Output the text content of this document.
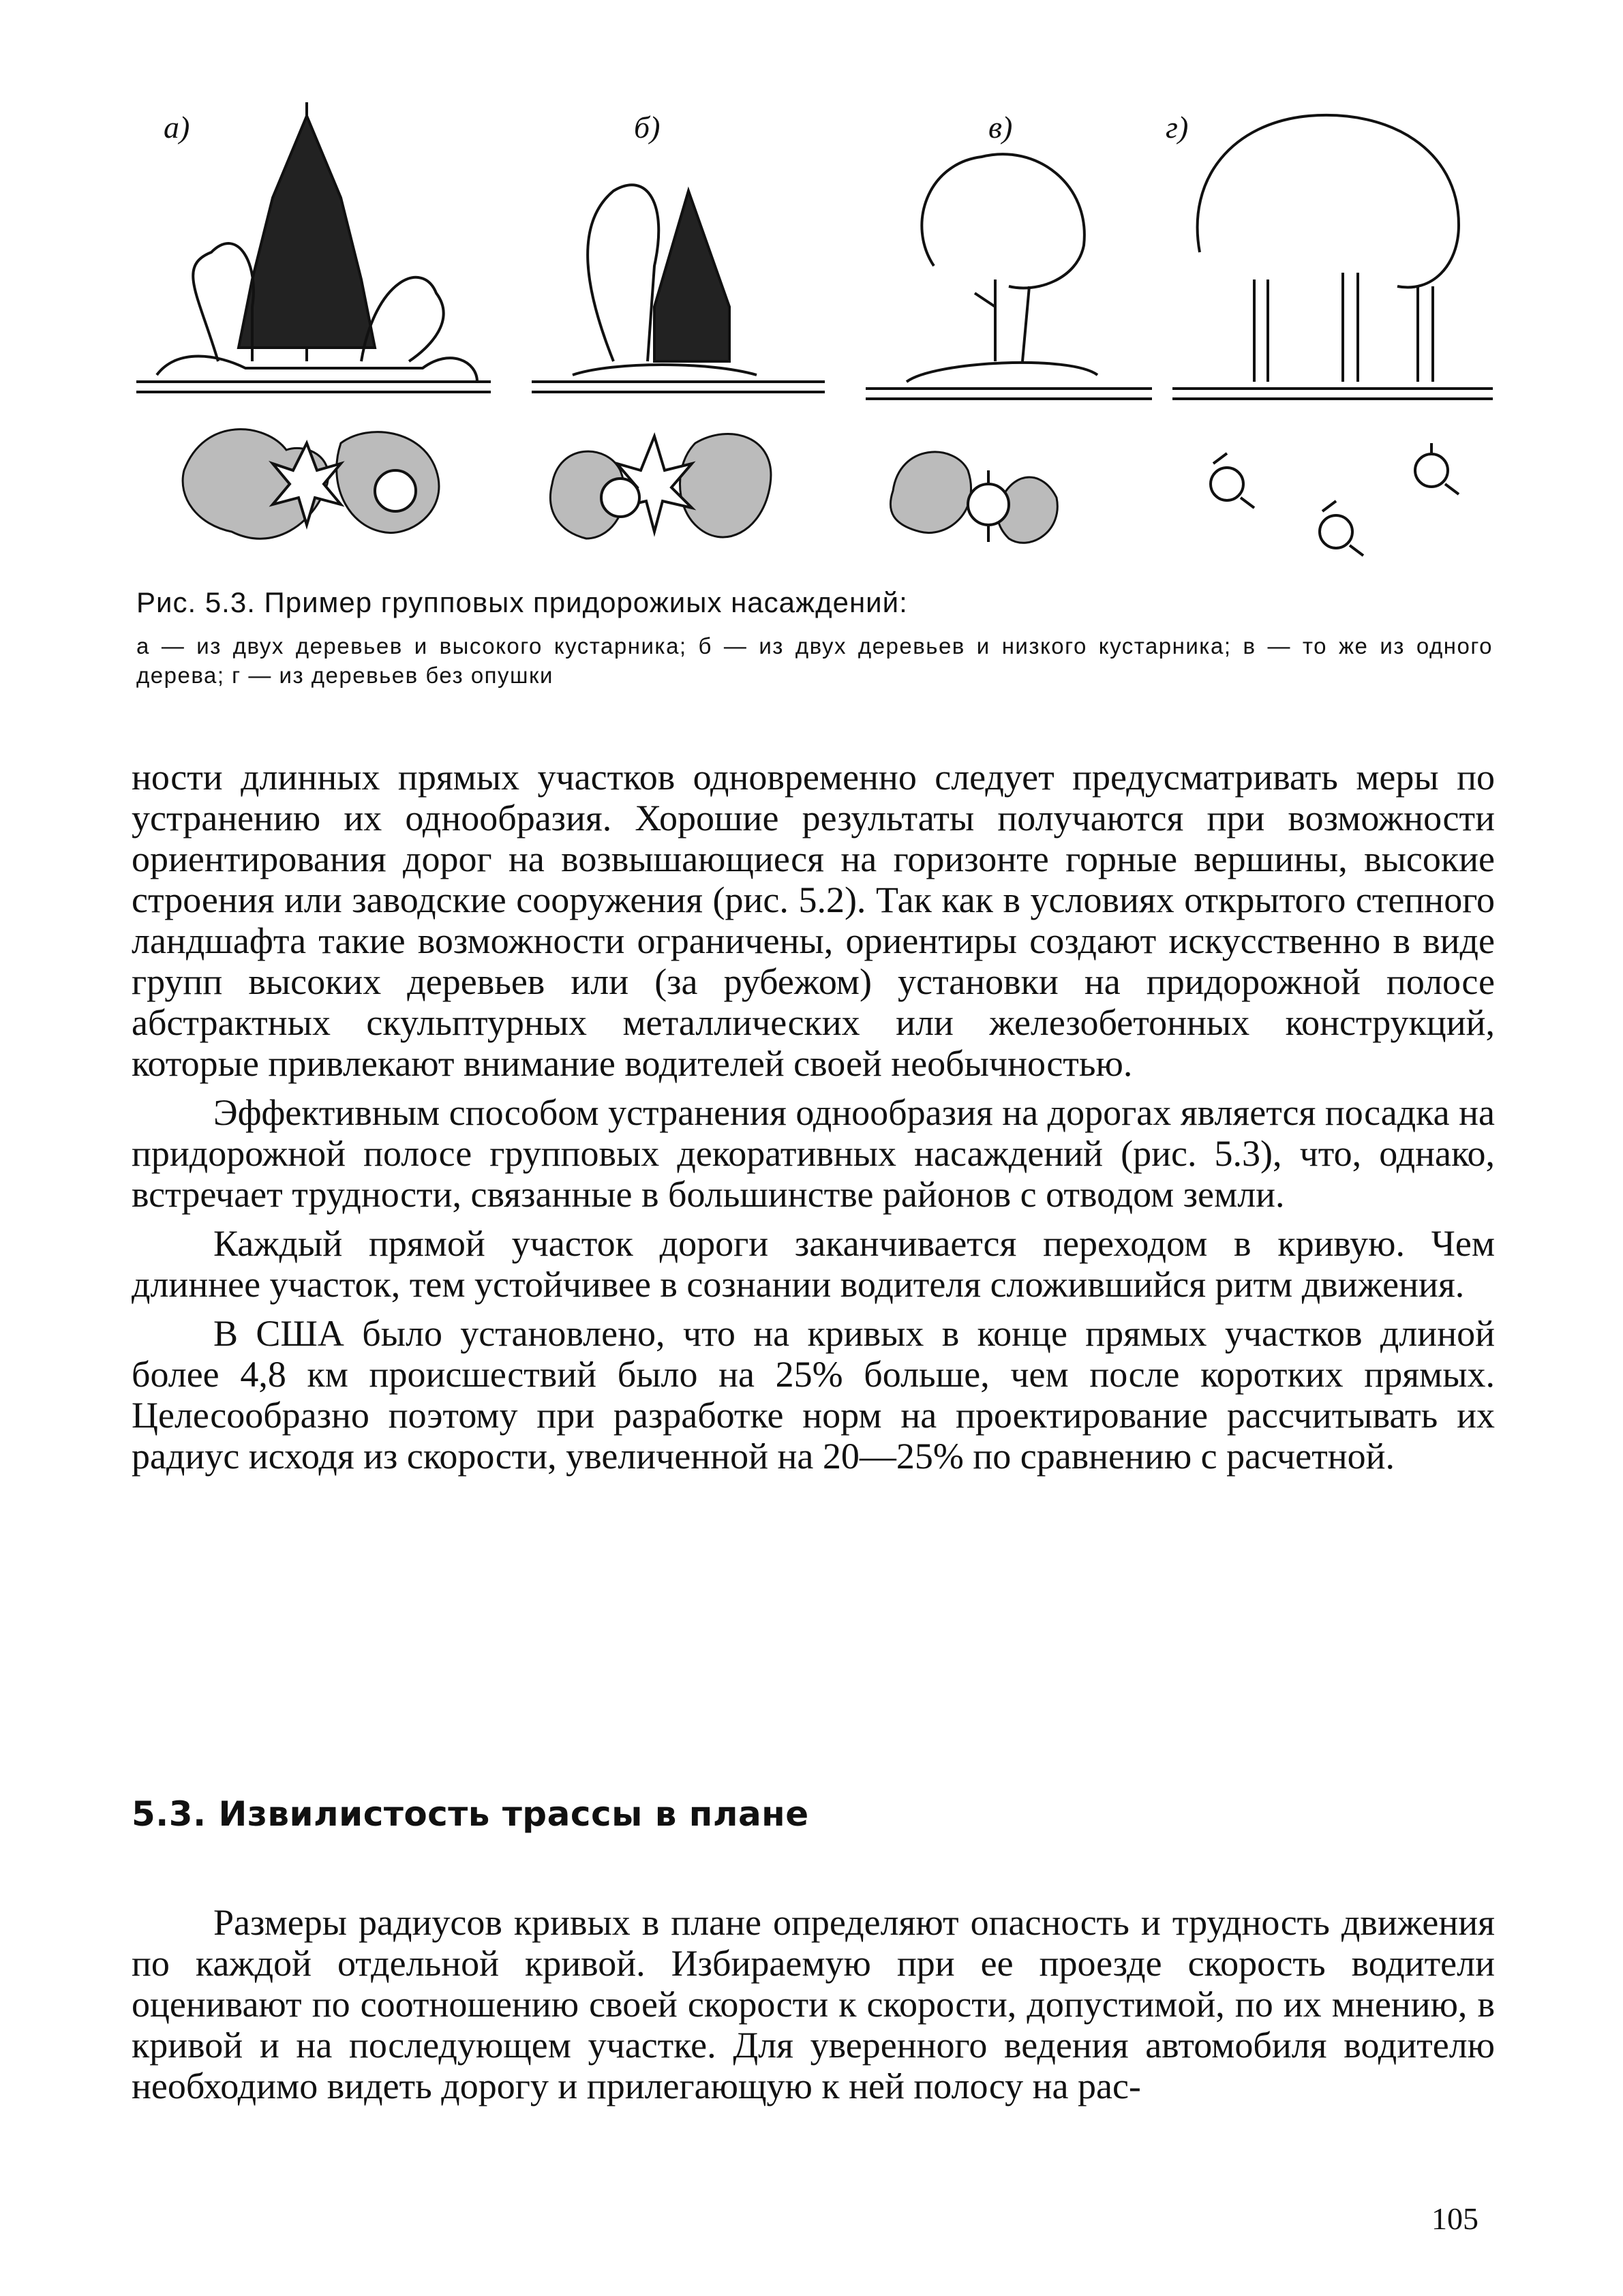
а)	б)	в)	г)

Рис. 5.3. Пример групповых придорожиых насаждений:

а — из двух деревьев и высокого кустарника; б — из двух деревьев и низкого кустарника; в — то же из одного дерева; г — из деревьев без опушки

ности длинных прямых участков одновременно следует предусматривать меры по устранению их однообразия. Хорошие результаты получаются при возможности ориентирования дорог на возвышающиеся на горизонте горные вершины, высокие строения или заводские сооружения (рис. 5.2). Так как в условиях открытого степного ландшафта такие возможности ограничены, ориентиры создают искусственно в виде групп высоких деревьев или (за рубежом) установки на придорожной полосе абстрактных скульптурных металлических или железобетонных конструкций, которые привлекают внимание водителей своей необычностью.

Эффективным способом устранения однообразия на дорогах является посадка на придорожной полосе групповых декоративных насаждений (рис. 5.3), что, однако, встречает трудности, связанные в большинстве районов с отводом земли.

Каждый прямой участок дороги заканчивается переходом в кривую. Чем длиннее участок, тем устойчивее в сознании водителя сложившийся ритм движения.

В США было установлено, что на кривых в конце прямых участков длиной более 4,8 км происшествий было на 25% больше, чем после коротких прямых. Целесообразно поэтому при разработке норм на проектирование рассчитывать их радиус исходя из скорости, увеличенной на 20—25% по сравнению с расчетной.

5.3. Извилистость трассы в плане

Размеры радиусов кривых в плане определяют опасность и трудность движения по каждой отдельной кривой. Избираемую при ее проезде скорость водители оценивают по соотношению своей скорости к скорости, допустимой, по их мнению, в кривой и на последующем участке. Для уверенного ведения автомобиля водителю необходимо видеть дорогу и прилегающую к ней полосу на рас-

105
